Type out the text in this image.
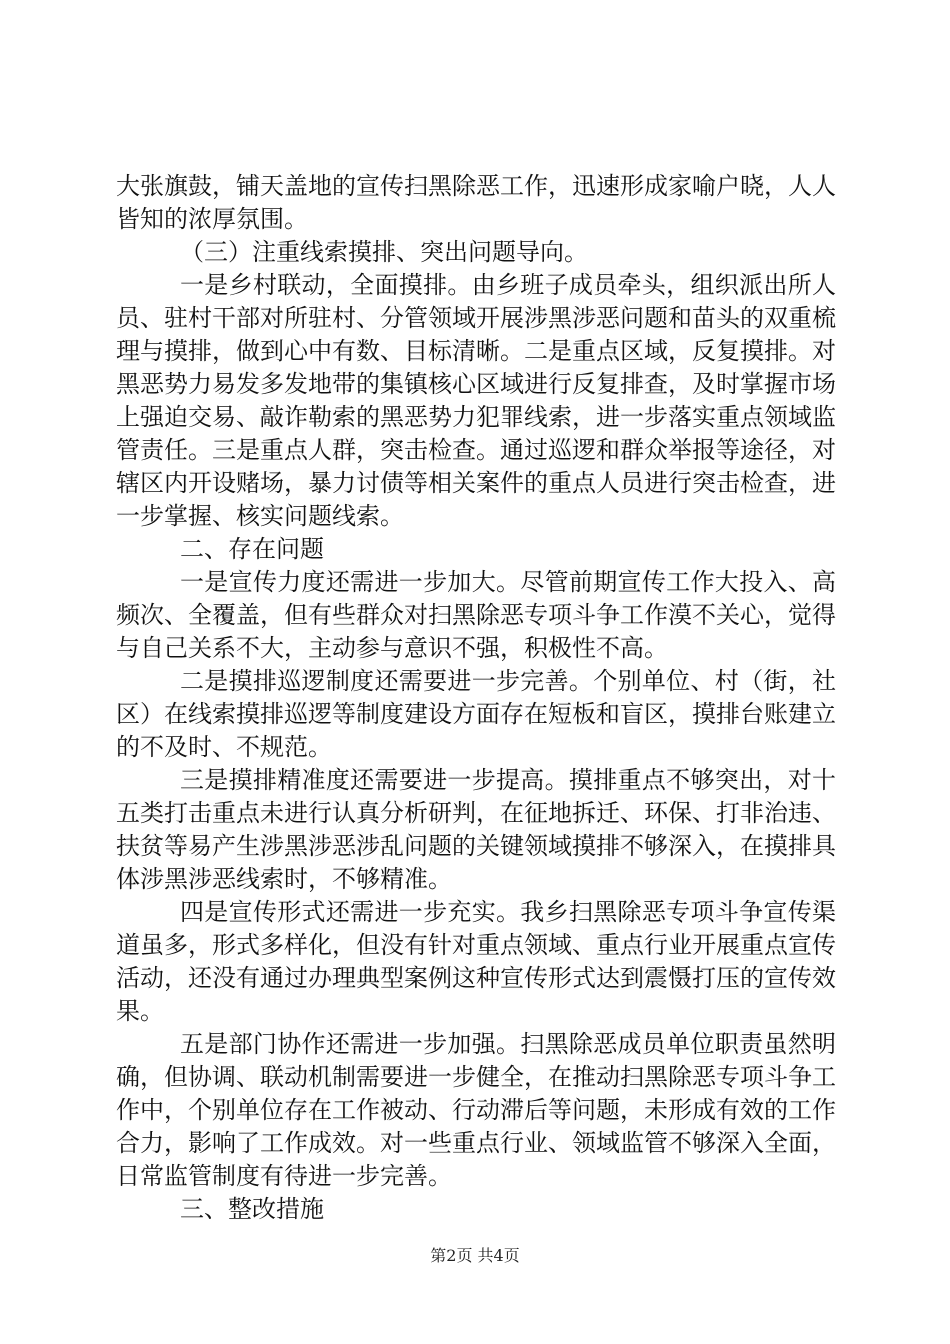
大张旗鼓，铺天盖地的宣传扫黑除恶工作，迅速形成家喻户晓，人人皆知的浓厚氛围。

（三）注重线索摸排、突出问题导向。

一是乡村联动，全面摸排。由乡班子成员牵头，组织派出所人员、驻村干部对所驻村、分管领域开展涉黑涉恶问题和苗头的双重梳理与摸排，做到心中有数、目标清晰。二是重点区域，反复摸排。对黑恶势力易发多发地带的集镇核心区域进行反复排查，及时掌握市场上强迫交易、敲诈勒索的黑恶势力犯罪线索，进一步落实重点领域监管责任。三是重点人群，突击检查。通过巡逻和群众举报等途径，对辖区内开设赌场，暴力讨债等相关案件的重点人员进行突击检查，进一步掌握、核实问题线索。

二、存在问题

一是宣传力度还需进一步加大。尽管前期宣传工作大投入、高频次、全覆盖，但有些群众对扫黑除恶专项斗争工作漠不关心，觉得与自己关系不大，主动参与意识不强，积极性不高。

二是摸排巡逻制度还需要进一步完善。个别单位、村（街，社区）在线索摸排巡逻等制度建设方面存在短板和盲区，摸排台账建立的不及时、不规范。

三是摸排精准度还需要进一步提高。摸排重点不够突出，对十五类打击重点未进行认真分析研判，在征地拆迁、环保、打非治违、扶贫等易产生涉黑涉恶涉乱问题的关键领域摸排不够深入，在摸排具体涉黑涉恶线索时，不够精准。

四是宣传形式还需进一步充实。我乡扫黑除恶专项斗争宣传渠道虽多，形式多样化，但没有针对重点领域、重点行业开展重点宣传活动，还没有通过办理典型案例这种宣传形式达到震慑打压的宣传效果。

五是部门协作还需进一步加强。扫黑除恶成员单位职责虽然明确，但协调、联动机制需要进一步健全，在推动扫黑除恶专项斗争工作中，个别单位存在工作被动、行动滞后等问题，未形成有效的工作合力，影响了工作成效。对一些重点行业、领域监管不够深入全面，日常监管制度有待进一步完善。

三、整改措施

第2页 共4页
